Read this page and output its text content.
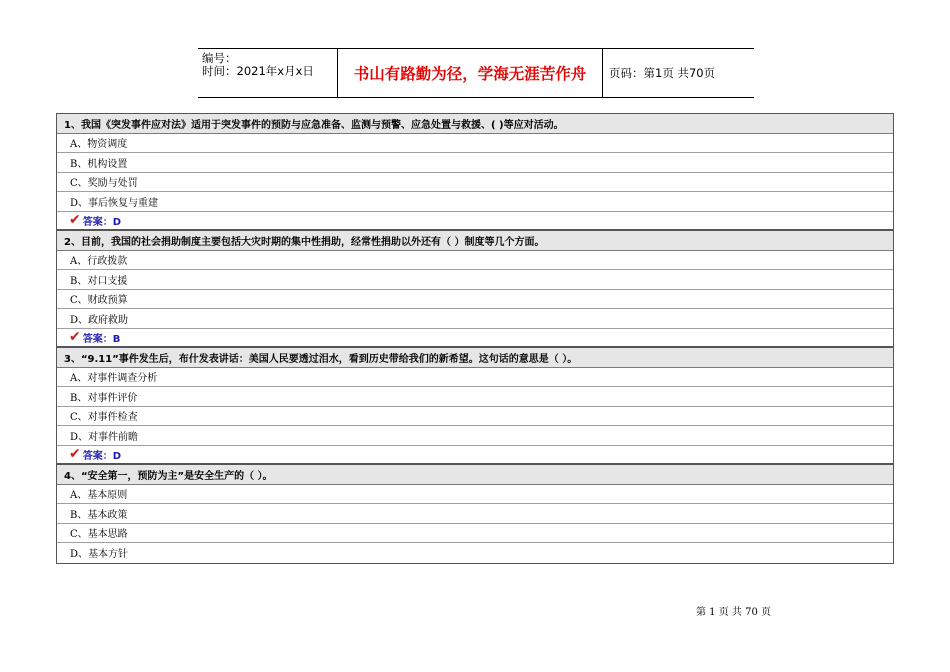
编号：
时间：2021年x月x日	书山有路勤为径，学海无涯苦作舟	页码：第1页 共70页
1、我国《突发事件应对法》适用于突发事件的预防与应急准备、监测与预警、应急处置与救援、( )等应对活动。
A、物资调度
B、机构设置
C、奖励与处罚
D、事后恢复与重建
✔ 答案：D
2、目前，我国的社会捐助制度主要包括大灾时期的集中性捐助，经常性捐助以外还有（ ）制度等几个方面。
A、行政拨款
B、对口支援
C、财政预算
D、政府救助
✔ 答案：B
3、“9.11”事件发生后，布什发表讲话：美国人民要透过泪水，看到历史带给我们的新希望。这句话的意思是（ ）。
A、对事件调查分析
B、对事件评价
C、对事件检查
D、对事件前瞻
✔ 答案：D
4、“安全第一，预防为主”是安全生产的（ ）。
A、基本原则
B、基本政策
C、基本思路
D、基本方针
第 1 页 共 70 页
